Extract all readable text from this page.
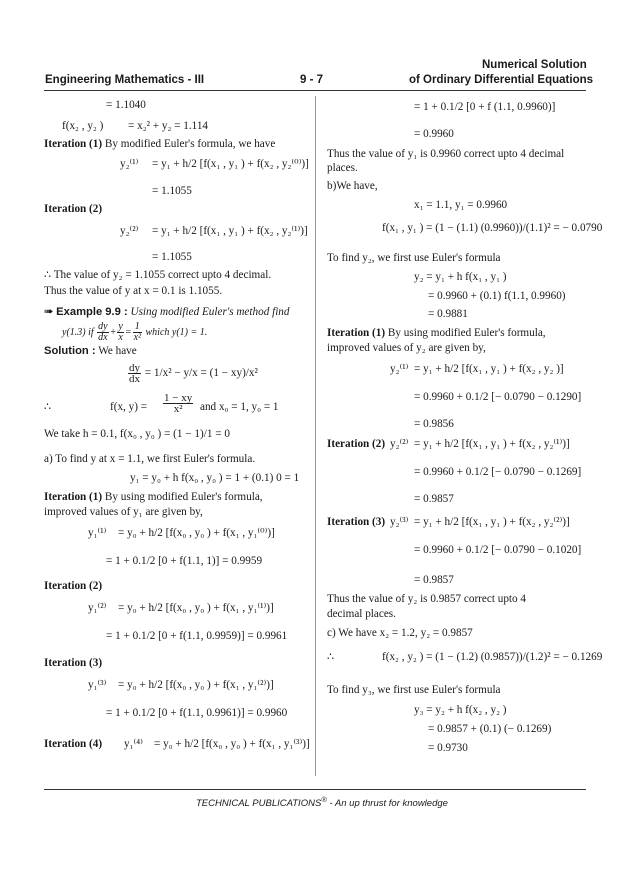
Numerical Solution
Engineering Mathematics - III	9 - 7	of Ordinary Differential Equations
= 1.1040
f(x₂ , y₂ ) = x₂² + y₂ = 1.114
Iteration (1) By modified Euler's formula, we have
y₂⁽¹⁾ = y₁ + h/2 [f(x₁ , y₁ ) + f(x₂ , y₂⁽⁰⁾)]
= 1.1055
Iteration (2)
y₂⁽²⁾ = y₁ + h/2 [f(x₁ , y₁ ) + f(x₂ , y₂⁽¹⁾)]
= 1.1055
∴ The value of y₂ = 1.1055 correct upto 4 decimal.
Thus the value of y at x = 0.1 is 1.1055.
➠ Example 9.9 : Using modified Euler's method find
y(1.3) if $\frac{dy}{dx} + \frac{y}{x} = \frac{1}{\text{x²}}$ which y(1) = 1.
Solution : We have
$\frac{dy}{dx} = 1/x^2 - y/x = (1 - xy)/x^2$
∴	f(x, $y) = \frac{1 - xy}{\text{x²}}$ and x₀ = 1, y₀ = 1
We take h = 0.1, f(x₀ , y₀ ) = (1 − 1)/1 = 0
a) To find y at x = 1.1, we first Euler's formula.
y₁ = y₀ + h f(x₀ , y₀ ) = 1 + (0.1) 0 = 1
Iteration (1) By using modified Euler's formula,
improved values of y₁ are given by,
y₁⁽¹⁾ = y₀ + h/2 [f(x₀ , y₀ ) + f(x₁ , y₁⁽⁰⁾)]
= 1 + 0.1/2 [0 + f(1.1, 1)] = 0.9959
Iteration (2)
y₁⁽²⁾ = y₀ + h/2 [f(x₀ , y₀ ) + f(x₁ , y₁⁽¹⁾)]
= 1 + 0.1/2 [0 + f(1.1, 0.9959)] = 0.9961
Iteration (3)
y₁⁽³⁾ = y₀ + h/2 [f(x₀ , y₀ ) + f(x₁ , y₁⁽²⁾)]
= 1 + 0.1/2 [0 + f(1.1, 0.9961)] = 0.9960
Iteration (4) y₁⁽⁴⁾ = y₀ + h/2 [f(x₀ , y₀ ) + f(x₁ , y₁⁽³⁾)]
= 1 + 0.1/2 [0 + f (1.1, 0.9960)]
= 0.9960
Thus the value of y₁ is 0.9960 correct upto 4 decimal
places.
b)We have,
x₁ = 1.1, y₁ = 0.9960
f(x₁ , y₁ ) = (1 − (1.1) (0.9960))/(1.1)² = − 0.0790
To find y₂, we first use Euler's formula
y₂ = y₁ + h f(x₁ , y₁ )
= 0.9960 + (0.1) f(1.1, 0.9960)
= 0.9881
Iteration (1) By using modified Euler's formula,
improved values of y₂ are given by,
y₂⁽¹⁾ = y₁ + h/2 [f(x₁ , y₁ ) + f(x₂ , y₂ )]
= 0.9960 + 0.1/2 [− 0.0790 − 0.1290]
= 0.9856
Iteration (2) y₂⁽²⁾ = y₁ + h/2 [f(x₁ , y₁ ) + f(x₂ , y₂⁽¹⁾)]
= 0.9960 + 0.1/2 [− 0.0790 − 0.1269]
= 0.9857
Iteration (3) y₂⁽³⁾ = y₁ + h/2 [f(x₁ , y₁ ) + f(x₂ , y₂⁽²⁾)]
= 0.9960 + 0.1/2 [− 0.0790 − 0.1020]
= 0.9857
Thus the value of y₂ is 0.9857 correct upto 4
decimal places.
c) We have x₂ = 1.2, y₂ = 0.9857
∴	f(x₂ , y₂ ) = (1 − (1.2) (0.9857))/(1.2)² = − 0.1269
To find y₃, we first use Euler's formula
y₃ = y₂ + h f(x₂ , y₂ )
= 0.9857 + (0.1) (− 0.1269)
= 0.9730
TECHNICAL PUBLICATIONS® - An up thrust for knowledge
